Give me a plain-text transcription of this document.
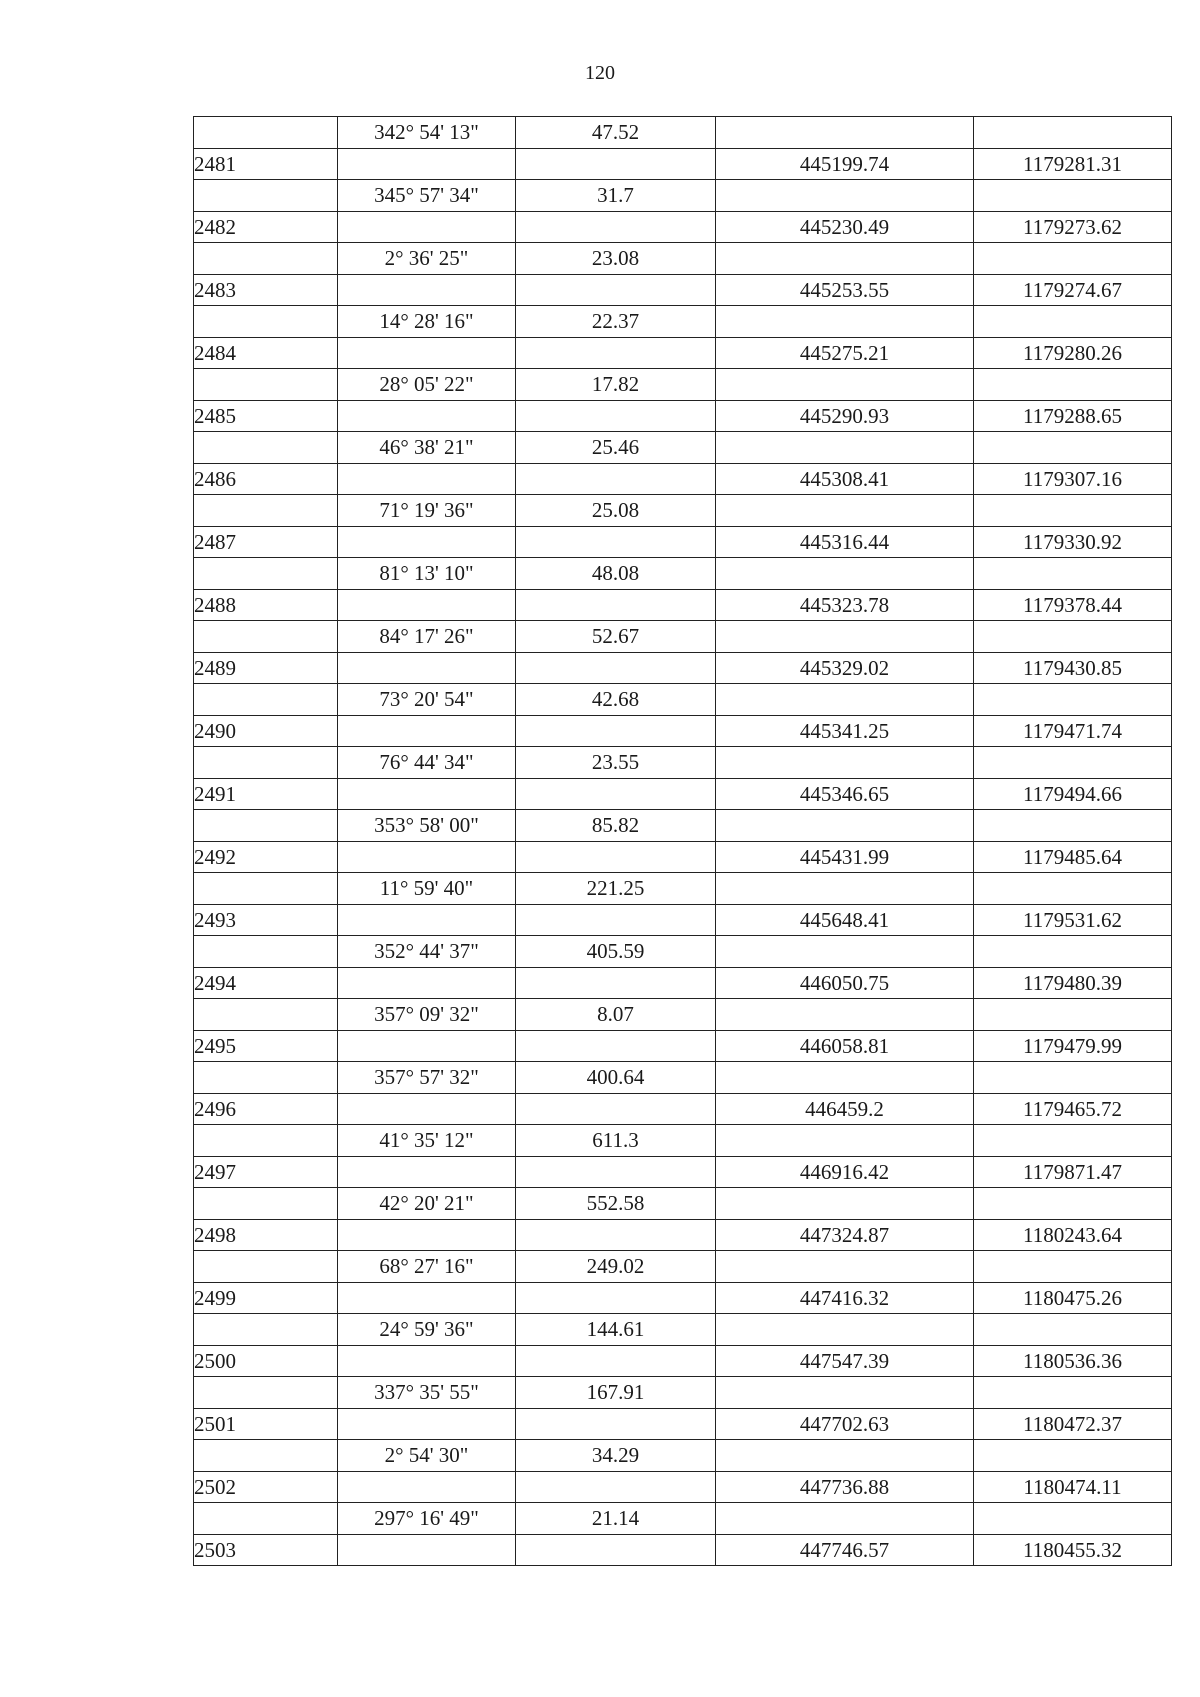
120
	342° 54' 13"	47.52		
2481			445199.74	1179281.31
	345° 57' 34"	31.7		
2482			445230.49	1179273.62
	2° 36' 25"	23.08		
2483			445253.55	1179274.67
	14° 28' 16"	22.37		
2484			445275.21	1179280.26
	28° 05' 22"	17.82		
2485			445290.93	1179288.65
	46° 38' 21"	25.46		
2486			445308.41	1179307.16
	71° 19' 36"	25.08		
2487			445316.44	1179330.92
	81° 13' 10"	48.08		
2488			445323.78	1179378.44
	84° 17' 26"	52.67		
2489			445329.02	1179430.85
	73° 20' 54"	42.68		
2490			445341.25	1179471.74
	76° 44' 34"	23.55		
2491			445346.65	1179494.66
	353° 58' 00"	85.82		
2492			445431.99	1179485.64
	11° 59' 40"	221.25		
2493			445648.41	1179531.62
	352° 44' 37"	405.59		
2494			446050.75	1179480.39
	357° 09' 32"	8.07		
2495			446058.81	1179479.99
	357° 57' 32"	400.64		
2496			446459.2	1179465.72
	41° 35' 12"	611.3		
2497			446916.42	1179871.47
	42° 20' 21"	552.58		
2498			447324.87	1180243.64
	68° 27' 16"	249.02		
2499			447416.32	1180475.26
	24° 59' 36"	144.61		
2500			447547.39	1180536.36
	337° 35' 55"	167.91		
2501			447702.63	1180472.37
	2° 54' 30"	34.29		
2502			447736.88	1180474.11
	297° 16' 49"	21.14		
2503			447746.57	1180455.32
